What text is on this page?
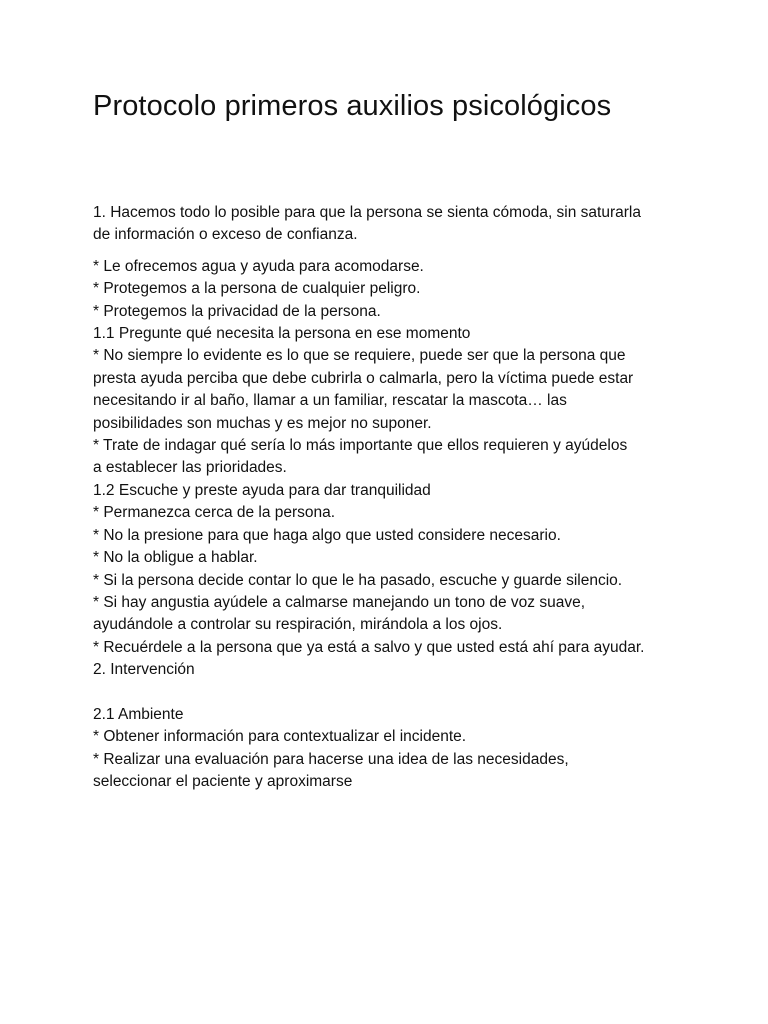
Protocolo primeros auxilios psicológicos

1. Hacemos todo lo posible para que la persona se sienta cómoda, sin saturarla

de información o exceso de confianza.

* Le ofrecemos agua y ayuda para acomodarse.

* Protegemos a la persona de cualquier peligro.

* Protegemos la privacidad de la persona.

1.1 Pregunte qué necesita la persona en ese momento

* No siempre lo evidente es lo que se requiere, puede ser que la persona que

presta ayuda perciba que debe cubrirla o calmarla, pero la víctima puede estar

necesitando ir al baño, llamar a un familiar, rescatar la mascota… las

posibilidades son muchas y es mejor no suponer.

* Trate de indagar qué sería lo más importante que ellos requieren y ayúdelos

a establecer las prioridades.

1.2 Escuche y preste ayuda para dar tranquilidad

* Permanezca cerca de la persona.

* No la presione para que haga algo que usted considere necesario.

* No la obligue a hablar.

* Si la persona decide contar lo que le ha pasado, escuche y guarde silencio.

* Si hay angustia ayúdele a calmarse manejando un tono de voz suave,

ayudándole a controlar su respiración, mirándola a los ojos.

* Recuérdele a la persona que ya está a salvo y que usted está ahí para ayudar.

2. Intervención

2.1 Ambiente

* Obtener información para contextualizar el incidente.

* Realizar una evaluación para hacerse una idea de las necesidades,

seleccionar el paciente y aproximarse
